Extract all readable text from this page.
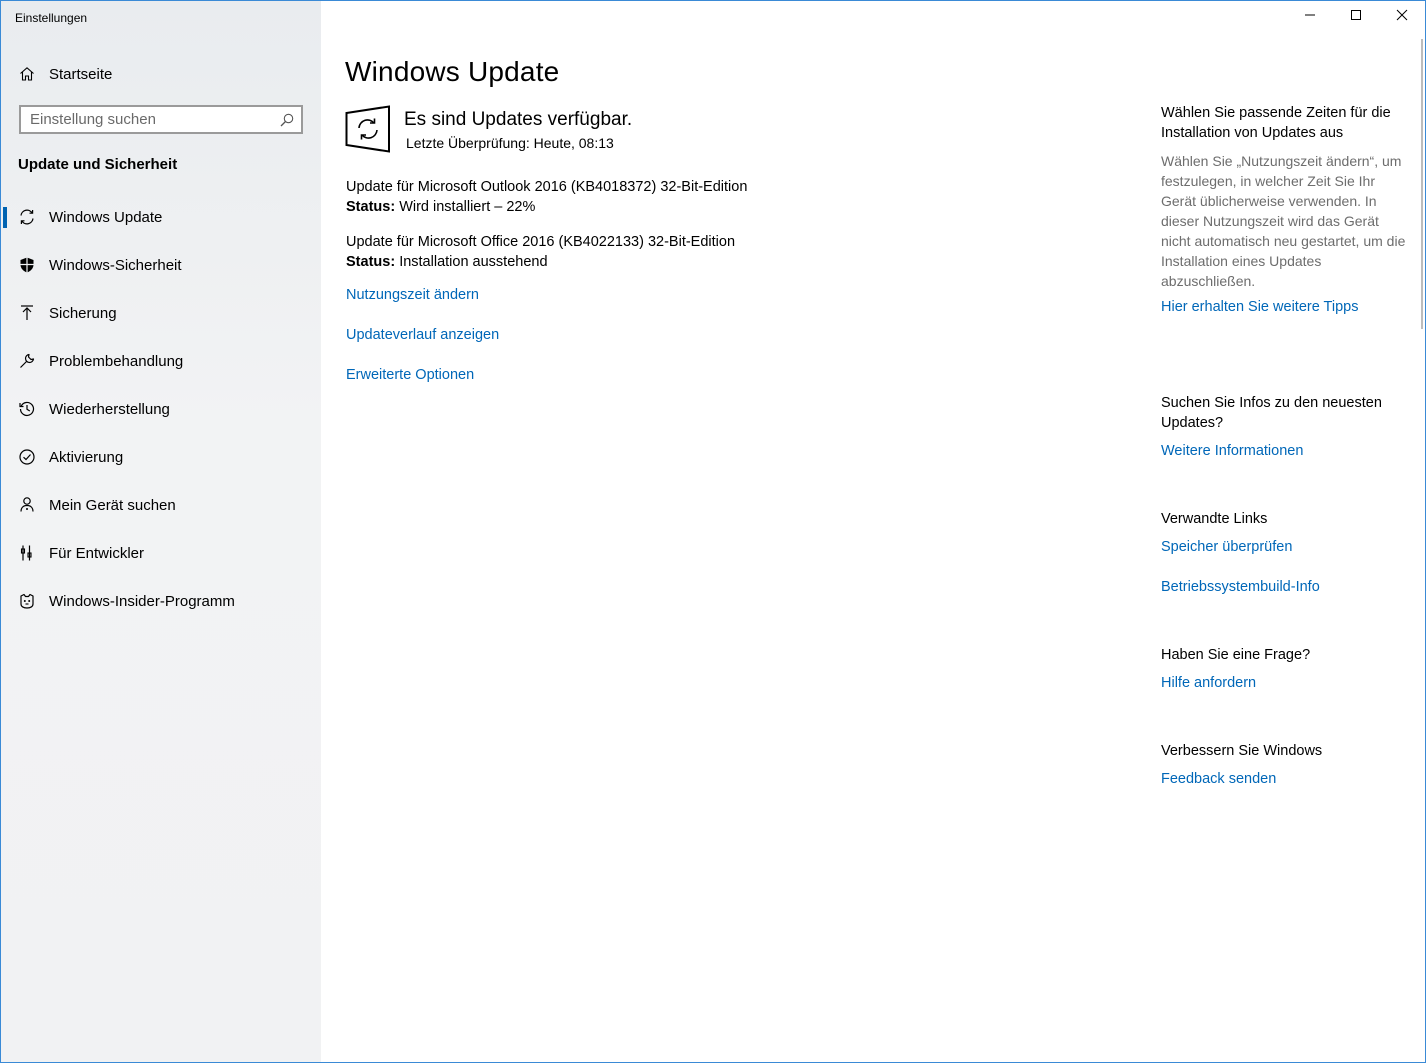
Einstellungen
Startseite
Einstellung suchen
Update und Sicherheit
Windows Update
Windows-Sicherheit
Sicherung
Problembehandlung
Wiederherstellung
Aktivierung
Mein Gerät suchen
Für Entwickler
Windows-Insider-Programm
Windows Update
Es sind Updates verfügbar.
Letzte Überprüfung: Heute, 08:13
Update für Microsoft Outlook 2016 (KB4018372) 32-Bit-Edition
Status: Wird installiert – 22%
Update für Microsoft Office 2016 (KB4022133) 32-Bit-Edition
Status: Installation ausstehend
Nutzungszeit ändern
Updateverlauf anzeigen
Erweiterte Optionen
Wählen Sie passende Zeiten für die Installation von Updates aus
Wählen Sie „Nutzungszeit ändern“, um festzulegen, in welcher Zeit Sie Ihr Gerät üblicherweise verwenden. In dieser Nutzungszeit wird das Gerät nicht automatisch neu gestartet, um die Installation eines Updates abzuschließen.
Hier erhalten Sie weitere Tipps
Suchen Sie Infos zu den neuesten Updates?
Weitere Informationen
Verwandte Links
Speicher überprüfen
Betriebssystembuild-Info
Haben Sie eine Frage?
Hilfe anfordern
Verbessern Sie Windows
Feedback senden
